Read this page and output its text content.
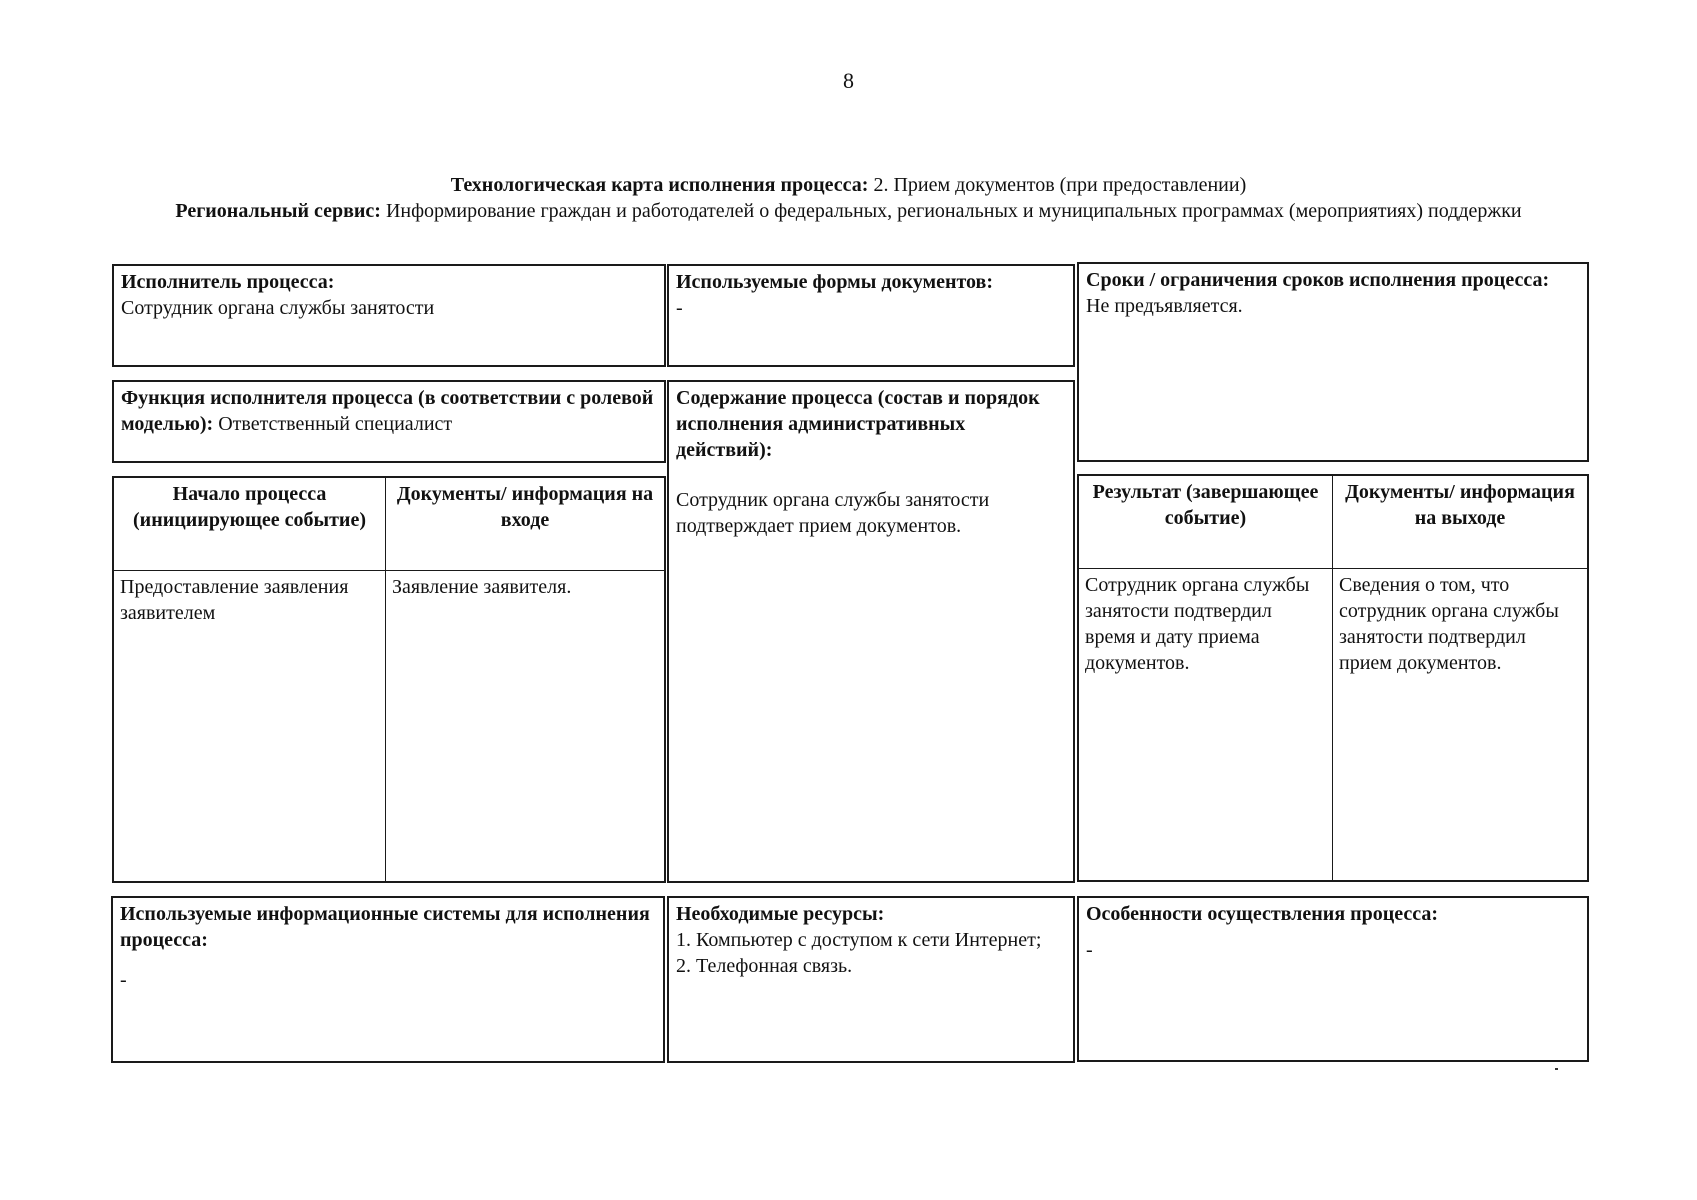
8
Технологическая карта исполнения процесса: 2. Прием документов (при предоставлении)
Региональный сервис: Информирование граждан и работодателей о федеральных, региональных и муниципальных программах (мероприятиях) поддержки
Исполнитель процесса:
Сотрудник органа службы занятости
Используемые формы документов:
-
Сроки / ограничения сроков исполнения процесса:
Не предъявляется.
Функция исполнителя процесса (в соответствии с ролевой моделью): Ответственный специалист
Содержание процесса (состав и порядок исполнения административных действий):
Сотрудник органа службы занятости подтверждает прием документов.
Начало процесса (инициирующее событие)
Документы/ информация на входе
Предоставление заявления заявителем
Заявление заявителя.
Результат (завершающее событие)
Документы/ информация на выходе
Сотрудник органа службы занятости подтвердил время и дату приема документов.
Сведения о том, что сотрудник органа службы занятости подтвердил прием документов.
Используемые информационные системы для исполнения процесса:
-
Необходимые ресурсы:
1. Компьютер с доступом к сети Интернет;
2. Телефонная связь.
Особенности осуществления процесса:
-
